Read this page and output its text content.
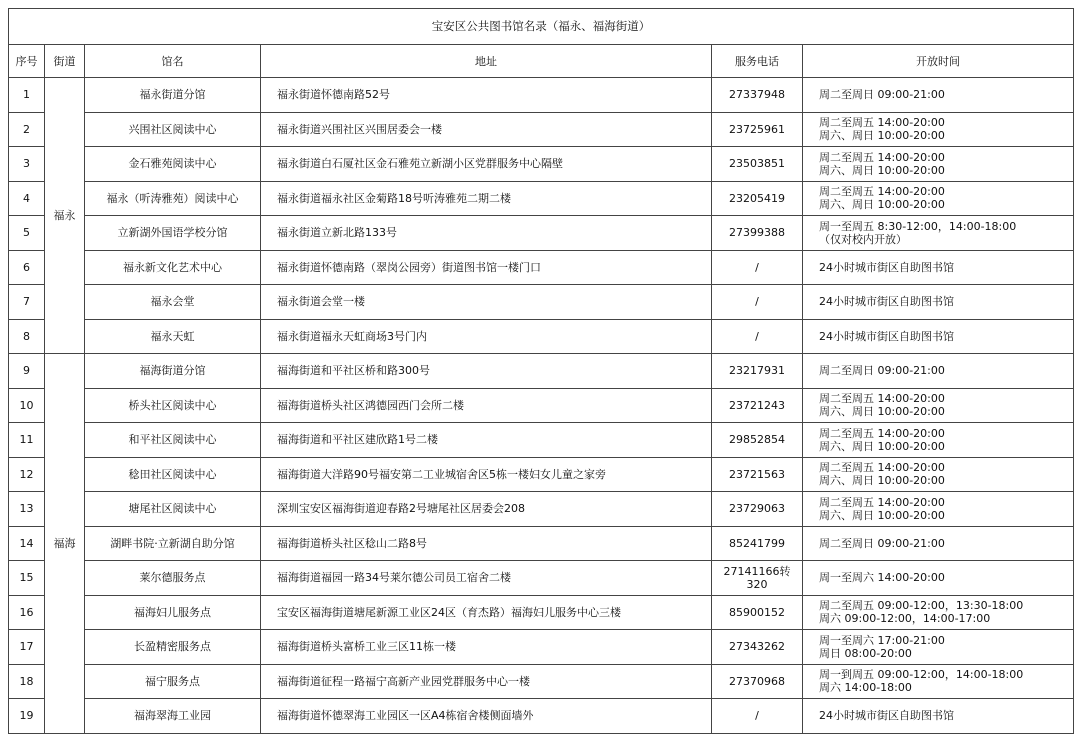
宝安区公共图书馆名录（福永、福海街道）					
序号	街道	馆名	地址	服务电话	开放时间
1	福永	福永街道分馆	福永街道怀德南路52号	27337948	周二至周日 09:00-21:00

2		兴围社区阅读中心	福永街道兴围社区兴围居委会一楼	23725961	周二至周五 14:00-20:00
周六、周日 10:00-20:00

3		金石雅苑阅读中心	福永街道白石厦社区金石雅苑立新湖小区党群服务中心隔壁	23503851	周二至周五 14:00-20:00
周六、周日 10:00-20:00

4		福永（听涛雅苑）阅读中心	福永街道福永社区金菊路18号听涛雅苑二期二楼	23205419	周二至周五 14:00-20:00
周六、周日 10:00-20:00

5		立新湖外国语学校分馆	福永街道立新北路133号	27399388	周一至周五 8:30-12:00，14:00-18:00
（仅对校内开放）

6		福永新文化艺术中心	福永街道怀德南路（翠岗公园旁）街道图书馆一楼门口	/	24小时城市街区自助图书馆

7		福永会堂	福永街道会堂一楼	/	24小时城市街区自助图书馆

8		福永天虹	福永街道福永天虹商场3号门内	/	24小时城市街区自助图书馆

9	福海	福海街道分馆	福海街道和平社区桥和路300号	23217931	周二至周日 09:00-21:00

10		桥头社区阅读中心	福海街道桥头社区鸿德园西门会所二楼	23721243	周二至周五 14:00-20:00
周六、周日 10:00-20:00

11		和平社区阅读中心	福海街道和平社区建欣路1号二楼	29852854	周二至周五 14:00-20:00
周六、周日 10:00-20:00

12		稔田社区阅读中心	福海街道大洋路90号福安第二工业城宿舍区5栋一楼妇女儿童之家旁	23721563	周二至周五 14:00-20:00
周六、周日 10:00-20:00

13		塘尾社区阅读中心	深圳宝安区福海街道迎春路2号塘尾社区居委会208	23729063	周二至周五 14:00-20:00
周六、周日 10:00-20:00

14		湖畔书院·立新湖自助分馆	福海街道桥头社区稔山二路8号	85241799	周二至周日 09:00-21:00

15		莱尔德服务点	福海街道福园一路34号莱尔德公司员工宿舍二楼	27141166转320	周一至周六 14:00-20:00

16		福海妇儿服务点	宝安区福海街道塘尾新源工业区24区（育杰路）福海妇儿服务中心三楼	85900152	周二至周五 09:00-12:00，13:30-18:00
周六 09:00-12:00，14:00-17:00

17		长盈精密服务点	福海街道桥头富桥工业三区11栋一楼	27343262	周一至周六 17:00-21:00
周日 08:00-20:00

18		福宁服务点	福海街道征程一路福宁高新产业园党群服务中心一楼	27370968	周一到周五 09:00-12:00，14:00-18:00
周六 14:00-18:00

19		福海翠海工业园	福海街道怀德翠海工业园区一区A4栋宿舍楼侧面墙外	/	24小时城市街区自助图书馆
